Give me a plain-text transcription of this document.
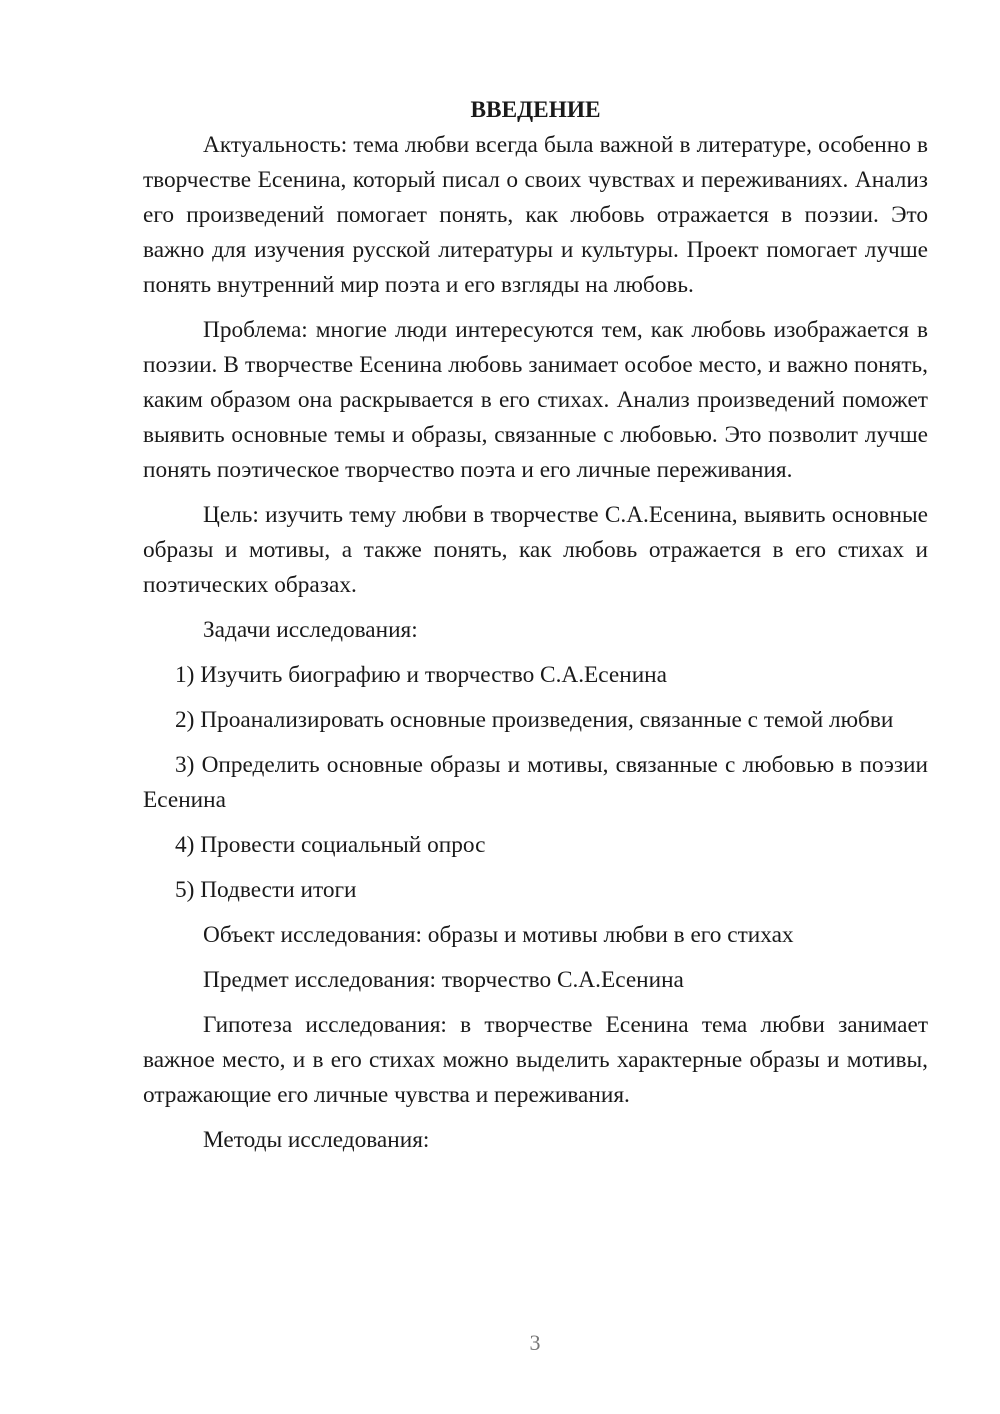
ВВЕДЕНИЕ

Актуальность: тема любви всегда была важной в литературе, особенно в творчестве Есенина, который писал о своих чувствах и переживаниях. Анализ его произведений помогает понять, как любовь отражается в поэзии. Это важно для изучения русской литературы и культуры. Проект помогает лучше понять внутренний мир поэта и его взгляды на любовь.

Проблема: многие люди интересуются тем, как любовь изображается в поэзии. В творчестве Есенина любовь занимает особое место, и важно понять, каким образом она раскрывается в его стихах. Анализ произведений поможет выявить основные темы и образы, связанные с любовью. Это позволит лучше понять поэтическое творчество поэта и его личные переживания.

Цель: изучить тему любви в творчестве С.А.Есенина, выявить основные образы и мотивы, а также понять, как любовь отражается в его стихах и поэтических образах.

Задачи исследования:

1) Изучить биографию и творчество С.А.Есенина

2) Проанализировать основные произведения, связанные с темой любви

3) Определить основные образы и мотивы, связанные с любовью в поэзии Есенина

4) Провести социальный опрос

5) Подвести итоги

Объект исследования: образы и мотивы любви в его стихах

Предмет исследования: творчество С.А.Есенина

Гипотеза исследования: в творчестве Есенина тема любви занимает важное место, и в его стихах можно выделить характерные образы и мотивы, отражающие его личные чувства и переживания.

Методы исследования:

3
